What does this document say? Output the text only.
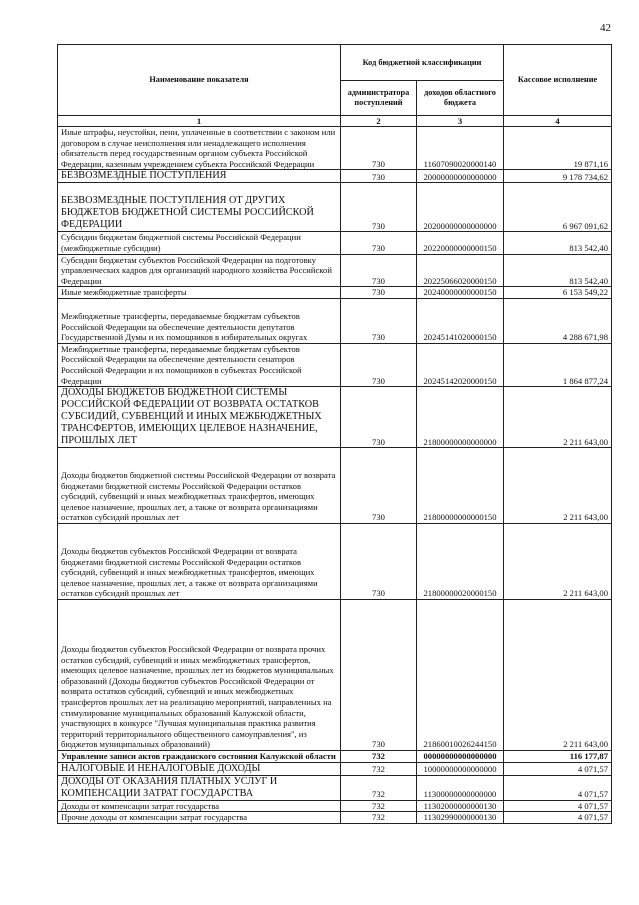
42
Наименование показателя	Код бюджетной классификации		Кассовое исполнение
	администратора поступлений	доходов областного бюджета	
1	2	3	4
Иные штрафы, неустойки, пени, уплаченные в соответствии с законом или договором в случае неисполнения или ненадлежащего исполнения обязательств перед государственным органом субъекта Российской Федерации, казенным учреждением субъекта Российской Федерации	730	11607090020000140	19 871,16
БЕЗВОЗМЕЗДНЫЕ ПОСТУПЛЕНИЯ	730	20000000000000000	9 178 734,62
БЕЗВОЗМЕЗДНЫЕ ПОСТУПЛЕНИЯ ОТ ДРУГИХ БЮДЖЕТОВ БЮДЖЕТНОЙ СИСТЕМЫ РОССИЙСКОЙ ФЕДЕРАЦИИ	730	20200000000000000	6 967 091,62
Субсидии бюджетам бюджетной системы Российской Федерации (межбюджетные субсидии)	730	20220000000000150	813 542,40
Субсидии бюджетам субъектов Российской Федерации на подготовку управленческих кадров для организаций народного хозяйства Российской Федерации	730	20225066020000150	813 542,40
Иные межбюджетные трансферты	730	20240000000000150	6 153 549,22
Межбюджетные трансферты, передаваемые бюджетам субъектов Российской Федерации на обеспечение деятельности депутатов Государственной Думы и их помощников в избирательных округах	730	20245141020000150	4 288 671,98
Межбюджетные трансферты, передаваемые бюджетам субъектов Российской Федерации на обеспечение деятельности сенаторов Российской Федерации и их помощников в субъектах Российской Федерации	730	20245142020000150	1 864 877,24
ДОХОДЫ БЮДЖЕТОВ БЮДЖЕТНОЙ СИСТЕМЫ РОССИЙСКОЙ ФЕДЕРАЦИИ ОТ ВОЗВРАТА ОСТАТКОВ СУБСИДИЙ, СУБВЕНЦИЙ И ИНЫХ МЕЖБЮДЖЕТНЫХ ТРАНСФЕРТОВ, ИМЕЮЩИХ ЦЕЛЕВОЕ НАЗНАЧЕНИЕ, ПРОШЛЫХ ЛЕТ	730	21800000000000000	2 211 643,00
Доходы бюджетов бюджетной системы Российской Федерации от возврата бюджетами бюджетной системы Российской Федерации остатков субсидий, субвенций и иных межбюджетных трансфертов, имеющих целевое назначение, прошлых лет, а также от возврата организациями остатков субсидий прошлых лет	730	21800000000000150	2 211 643,00
Доходы бюджетов субъектов Российской Федерации от возврата бюджетами бюджетной системы Российской Федерации остатков субсидий, субвенций и иных межбюджетных трансфертов, имеющих целевое назначение, прошлых лет, а также от возврата организациями остатков субсидий прошлых лет	730	21800000020000150	2 211 643,00
Доходы бюджетов субъектов Российской Федерации от возврата прочих остатков субсидий, субвенций и иных межбюджетных трансфертов, имеющих целевое назначение, прошлых лет из бюджетов муниципальных образований (Доходы бюджетов субъектов Российской Федерации от возврата остатков субсидий, субвенций и иных межбюджетных трансфертов прошлых лет на реализацию мероприятий, направленных на стимулирование муниципальных образований Калужской области, участвующих в конкурсе "Лучшая муниципальная практика развития территорий территориального общественного самоуправления", из бюджетов муниципальных образований)	730	21860010026244150	2 211 643,00
Управление записи актов гражданского состояния Калужской области	732	00000000000000000	116 177,87
НАЛОГОВЫЕ И НЕНАЛОГОВЫЕ ДОХОДЫ	732	10000000000000000	4 071,57
ДОХОДЫ ОТ ОКАЗАНИЯ ПЛАТНЫХ УСЛУГ И КОМПЕНСАЦИИ ЗАТРАТ ГОСУДАРСТВА	732	11300000000000000	4 071,57
Доходы от компенсации затрат государства	732	11302000000000130	4 071,57
Прочие доходы от компенсации затрат государства	732	11302990000000130	4 071,57
